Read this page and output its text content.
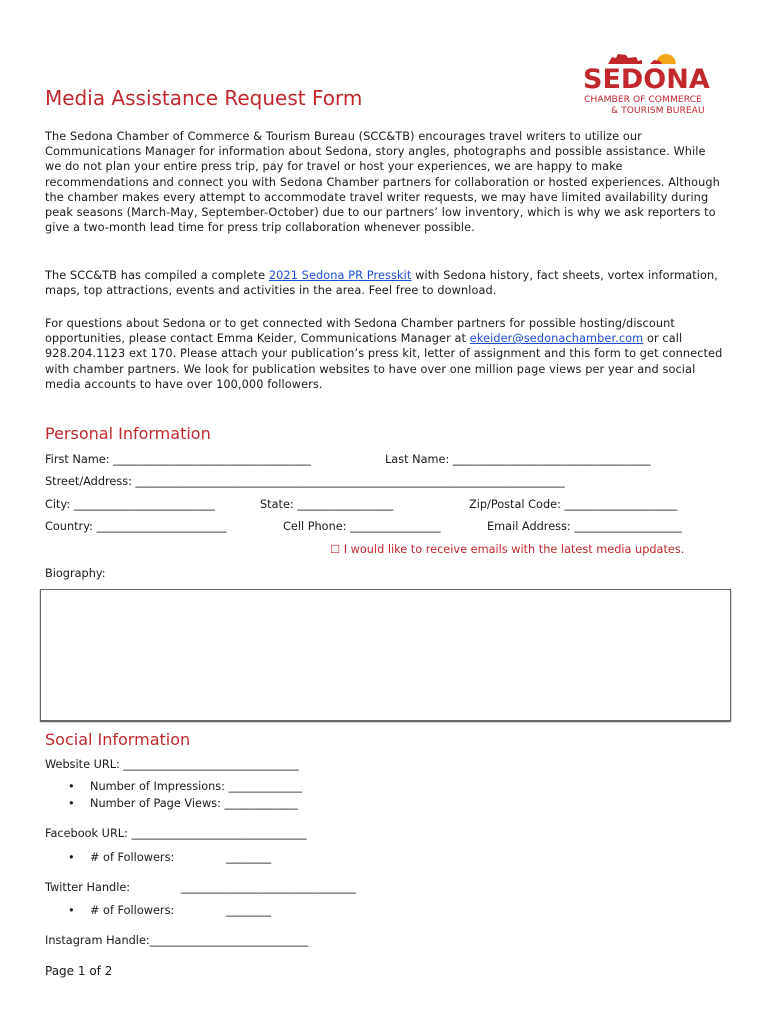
SEDONA
CHAMBER OF COMMERCE
& TOURISM BUREAU
Media Assistance Request Form

The Sedona Chamber of Commerce & Tourism Bureau (SCC&TB) encourages travel writers to utilize our Communications Manager for information about Sedona, story angles, photographs and possible assistance. While we do not plan your entire press trip, pay for travel or host your experiences, we are happy to make recommendations and connect you with Sedona Chamber partners for collaboration or hosted experiences. Although the chamber makes every attempt to accommodate travel writer requests, we may have limited availability during peak seasons (March-May, September-October) due to our partners’ low inventory, which is why we ask reporters to give a two-month lead time for press trip collaboration whenever possible.

The SCC&TB has compiled a complete 2021 Sedona PR Presskit with Sedona history, fact sheets, vortex information, maps, top attractions, events and activities in the area. Feel free to download.

For questions about Sedona or to get connected with Sedona Chamber partners for possible hosting/discount opportunities, please contact Emma Keider, Communications Manager at ekeider@sedonachamber.com or call 928.204.1123 ext 170. Please attach your publication’s press kit, letter of assignment and this form to get connected with chamber partners. We look for publication websites to have over one million page views per year and social media accounts to have over 100,000 followers.

Personal Information
First Name: ___________________________________	Last Name: ___________________________________
Street/Address: ____________________________________________________________________________
City: _________________________	State: _________________	Zip/Postal Code: ____________________
Country: _______________________	Cell Phone: ________________	Email Address: ___________________
☐ I would like to receive emails with the latest media updates.
Biography:
Social Information
Website URL: _______________________________
• Number of Impressions: _____________
• Number of Page Views: _____________
Facebook URL: _______________________________
• # of Followers:	________
Twitter Handle:	_______________________________
• # of Followers:	________
Instagram Handle:____________________________
Page 1 of 2
